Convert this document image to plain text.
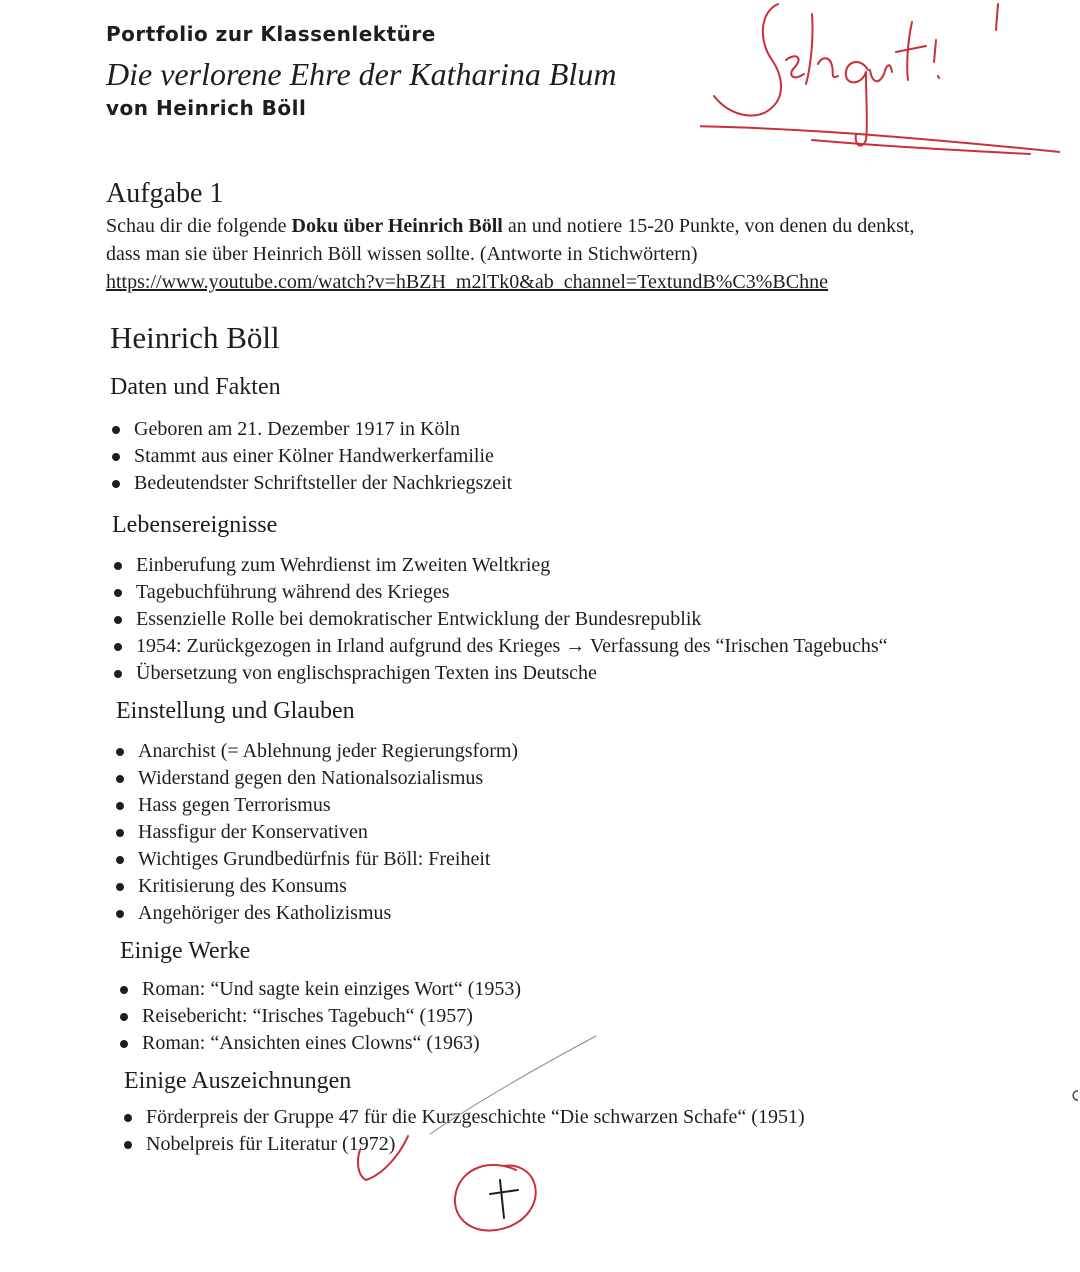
Portfolio zur Klassenlektüre
Die verlorene Ehre der Katharina Blum
von Heinrich Böll
Aufgabe 1
Schau dir die folgende Doku über Heinrich Böll an und notiere 15-20 Punkte, von denen du denkst, dass man sie über Heinrich Böll wissen sollte. (Antworte in Stichwörtern)
https://www.youtube.com/watch?v=hBZH_m2lTk0&ab_channel=TextundB%C3%BChne
Heinrich Böll
Daten und Fakten
Geboren am 21. Dezember 1917 in Köln
Stammt aus einer Kölner Handwerkerfamilie
Bedeutendster Schriftsteller der Nachkriegszeit
Lebensereignisse
Einberufung zum Wehrdienst im Zweiten Weltkrieg
Tagebuchführung während des Krieges
Essenzielle Rolle bei demokratischer Entwicklung der Bundesrepublik
1954: Zurückgezogen in Irland aufgrund des Krieges → Verfassung des “Irischen Tagebuchs“
Übersetzung von englischsprachigen Texten ins Deutsche
Einstellung und Glauben
Anarchist (= Ablehnung jeder Regierungsform)
Widerstand gegen den Nationalsozialismus
Hass gegen Terrorismus
Hassfigur der Konservativen
Wichtiges Grundbedürfnis für Böll: Freiheit
Kritisierung des Konsums
Angehöriger des Katholizismus
Einige Werke
Roman: “Und sagte kein einziges Wort“ (1953)
Reisebericht: “Irisches Tagebuch“ (1957)
Roman: “Ansichten eines Clowns“ (1963)
Einige Auszeichnungen
Förderpreis der Gruppe 47 für die Kurzgeschichte “Die schwarzen Schafe“ (1951)
Nobelpreis für Literatur (1972)
